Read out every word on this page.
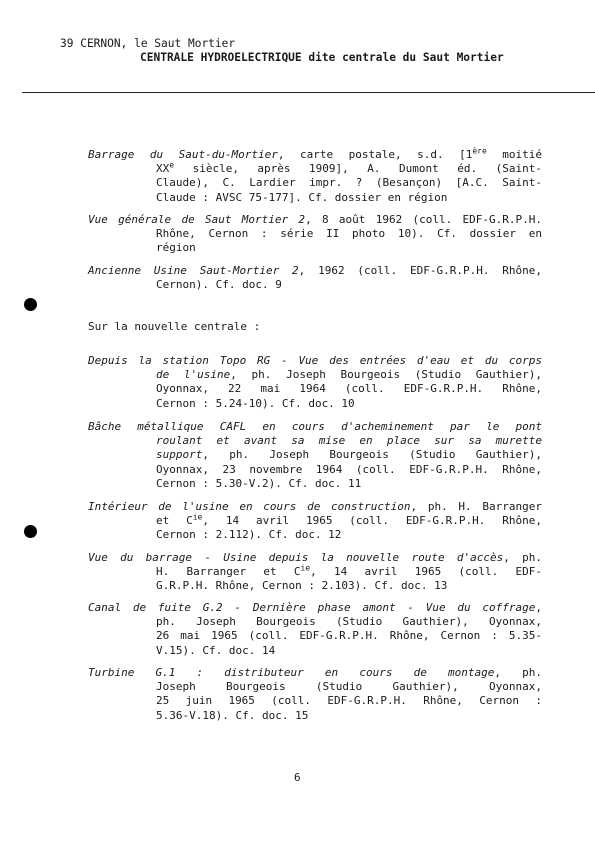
39 CERNON, le Saut Mortier
CENTRALE HYDROELECTRIQUE dite centrale du Saut Mortier
Barrage du Saut-du-Mortier, carte postale, s.d. [1ère moitié
XXe siècle, après 1909], A. Dumont éd. (Saint-
Claude), C. Lardier impr. ? (Besançon) [A.C. Saint-
Claude : AVSC 75-177]. Cf. dossier en région
Vue générale de Saut Mortier 2, 8 août 1962 (coll. EDF-G.R.P.H.
Rhône, Cernon : série II photo 10). Cf. dossier en
région
Ancienne Usine Saut-Mortier 2, 1962 (coll. EDF-G.R.P.H. Rhône,
Cernon). Cf. doc. 9
Sur la nouvelle centrale :
Depuis la station Topo RG - Vue des entrées d'eau et du corps
de l'usine, ph. Joseph Bourgeois (Studio Gauthier),
Oyonnax, 22 mai 1964 (coll. EDF-G.R.P.H. Rhône,
Cernon : 5.24-10). Cf. doc. 10
Bâche métallique CAFL en cours d'acheminement par le pont
roulant et avant sa mise en place sur sa murette
support, ph. Joseph Bourgeois (Studio Gauthier),
Oyonnax, 23 novembre 1964 (coll. EDF-G.R.P.H. Rhône,
Cernon : 5.30-V.2). Cf. doc. 11
Intérieur de l'usine en cours de construction, ph. H. Barranger
et $C^{ie}$, 14 avril 1965 (coll. EDF-G.R.P.H. Rhône,
Cernon : 2.112). Cf. doc. 12
Vue du barrage - Usine depuis la nouvelle route d'accès, ph.
H. Barranger et $C^{ie}$, 14 avril 1965 (coll. EDF-
G.R.P.H. Rhône, Cernon : 2.103). Cf. doc. 13
Canal de fuite G.2 - Dernière phase amont - Vue du coffrage,
ph. Joseph Bourgeois (Studio Gauthier), Oyonnax,
26 mai 1965 (coll. EDF-G.R.P.H. Rhône, Cernon : 5.35-
V.15). Cf. doc. 14
Turbine G.1 : distributeur en cours de montage, ph.
Joseph Bourgeois (Studio Gauthier), Oyonnax,
25 juin 1965 (coll. EDF-G.R.P.H. Rhône, Cernon :
5.36-V.18). Cf. doc. 15
6
